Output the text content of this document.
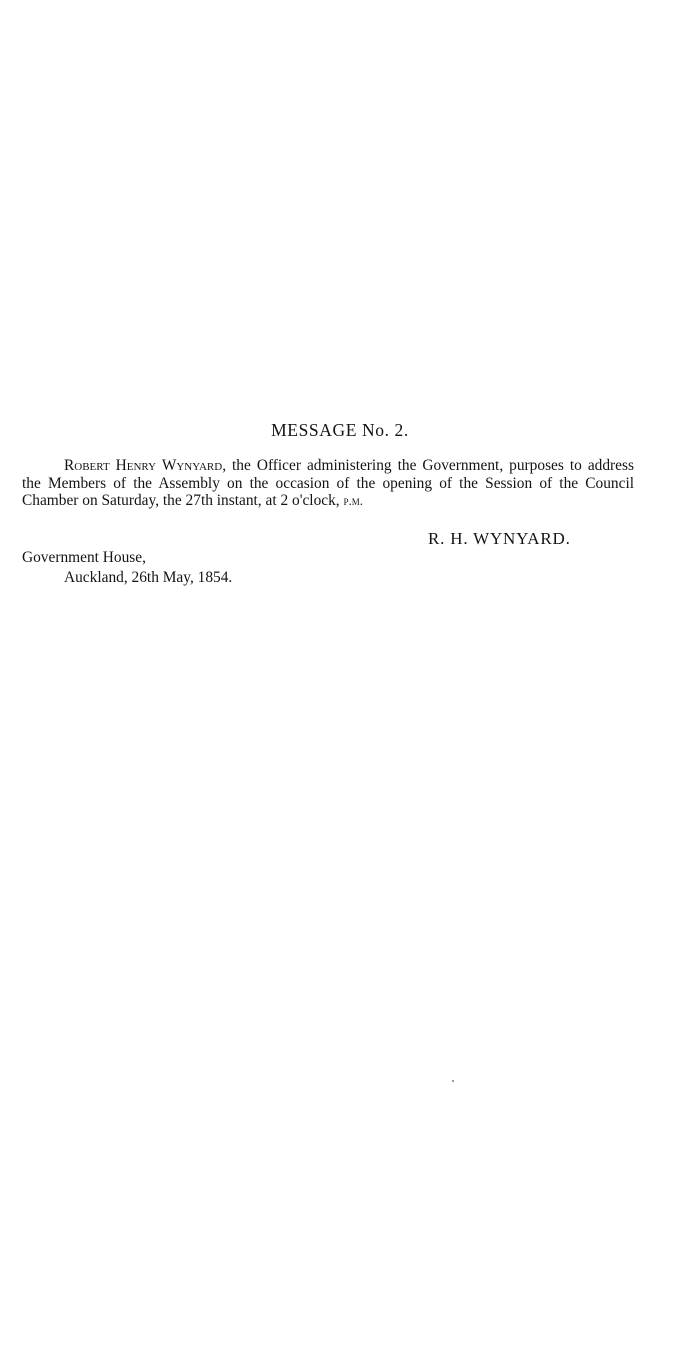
MESSAGE No. 2.
Robert Henry Wynyard, the Officer administering the Government, purposes to address the Members of the Assembly on the occasion of the opening of the Session of the Council Chamber on Saturday, the 27th instant, at 2 o'clock, p.m.
R. H. WYNYARD.
Government House,
Auckland, 26th May, 1854.
